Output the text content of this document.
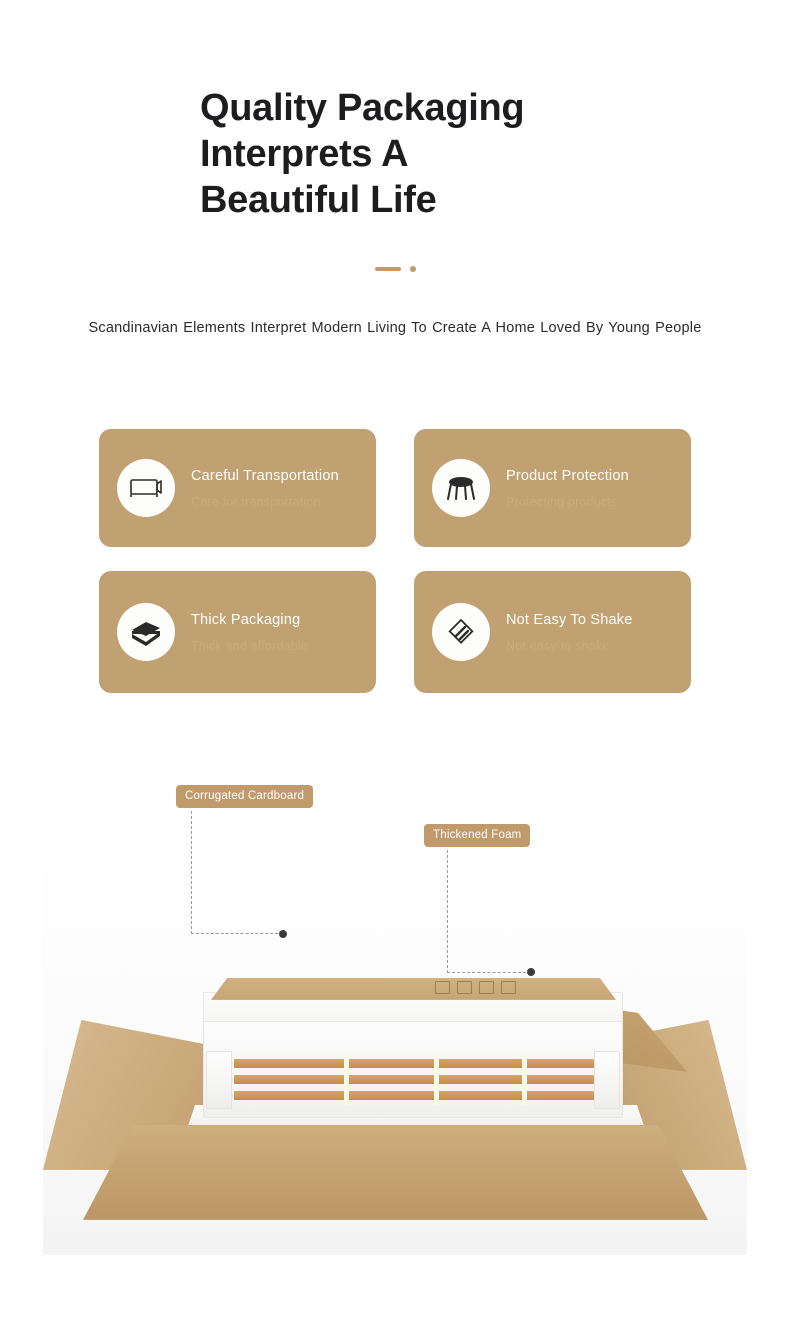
Quality Packaging
Interprets A
Beautiful Life

Scandinavian Elements Interpret Modern Living To Create A Home Loved By Young People

Careful Transportation
Care for transportation
Product Protection
Protecting products
Thick Packaging
Thick and affordable
Not Easy To Shake
Not easy to shake
Corrugated Cardboard
Thickened Foam
